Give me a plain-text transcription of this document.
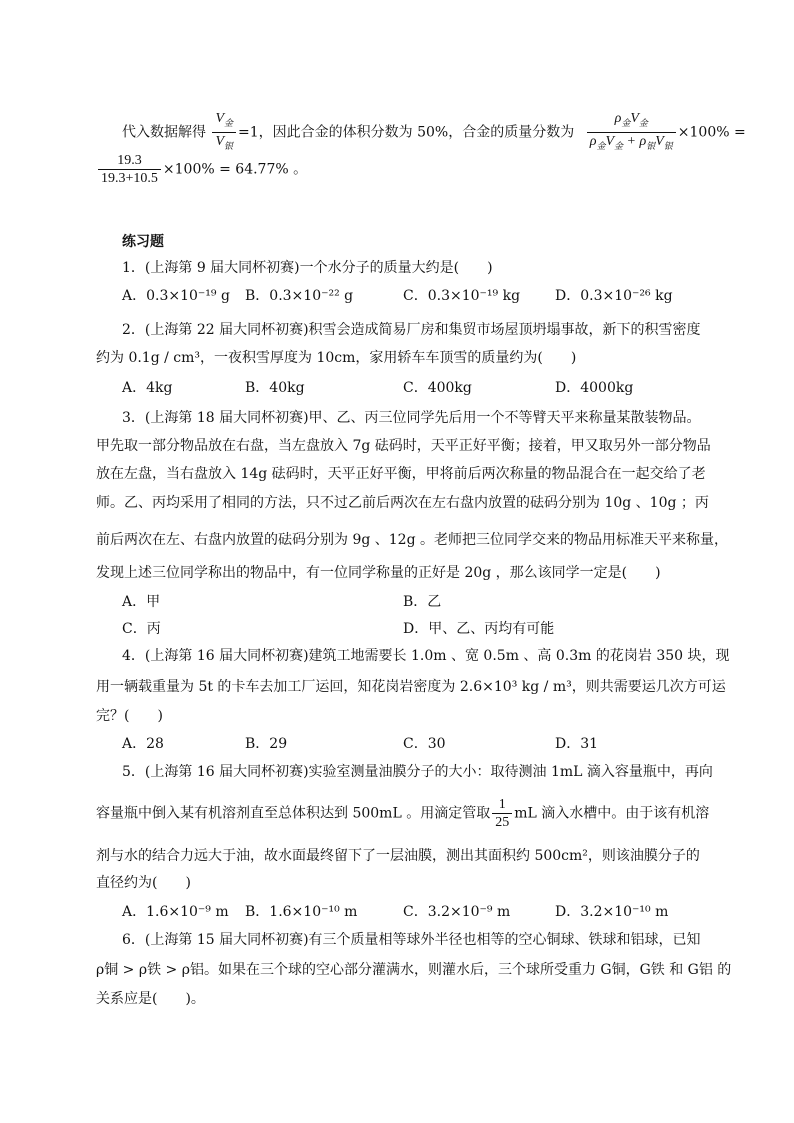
代入数据解得 $\frac{V_金}{V_银} =1$，因此合金的体积分数为 50%，合金的质量分数为 $\frac{\rho_金V_金}{\rho_金V_金 + \rho_银V_银} \times 100\%$ =
$\frac{19.3}{19.3+10.5} \times 100\% = 64.77\%$ 。
练习题
1．(上海第 9 届大同杯初赛)一个水分子的质量大约是(　　)
A．0.3×10⁻¹⁹ g B．0.3×10⁻²² g	C．0.3×10⁻¹⁹ kg D．0.3×10⁻²⁶ kg
2．(上海第 22 届大同杯初赛)积雪会造成简易厂房和集贸市场屋顶坍塌事故，新下的积雪密度
约为 0.1g / cm³，一夜积雪厚度为 10cm，家用轿车车顶雪的质量约为(　　)
A．4kg	B．40kg	C．400kg	D．4000kg
3．(上海第 18 届大同杯初赛)甲、乙、丙三位同学先后用一个不等臂天平来称量某散装物品。
甲先取一部分物品放在右盘，当左盘放入 7g 砝码时，天平正好平衡；接着，甲又取另外一部分物品
放在左盘，当右盘放入 14g 砝码时，天平正好平衡，甲将前后两次称量的物品混合在一起交给了老
师。乙、丙均采用了相同的方法，只不过乙前后两次在左右盘内放置的砝码分别为 10g 、10g ；丙
前后两次在左、右盘内放置的砝码分别为 9g 、12g 。老师把三位同学交来的物品用标准天平来称量，
发现上述三位同学称出的物品中，有一位同学称量的正好是 20g ，那么该同学一定是(　　)
A．甲	B．乙
C．丙	D．甲、乙、丙均有可能
4．(上海第 16 届大同杯初赛)建筑工地需要长 1.0m 、宽 0.5m 、高 0.3m 的花岗岩 350 块，现
用一辆载重量为 5t 的卡车去加工厂运回，知花岗岩密度为 2.6×10³ kg / m³，则共需要运几次方可运
完？(　　)
A．28	B．29	C．30	D．31
5．(上海第 16 届大同杯初赛)实验室测量油膜分子的大小：取待测油 1mL 滴入容量瓶中，再向
容量瓶中倒入某有机溶剂直至总体积达到 500mL 。用滴定管取 $\frac{1}{25}$ mL 滴入水槽中。由于该有机溶
剂与水的结合力远大于油，故水面最终留下了一层油膜，测出其面积约 500cm²，则该油膜分子的
直径约为(　　)
A．1.6×10⁻⁹ m B．1.6×10⁻¹⁰ m	C．3.2×10⁻⁹ m	D．3.2×10⁻¹⁰ m
6．(上海第 15 届大同杯初赛)有三个质量相等球外半径也相等的空心铜球、铁球和铝球，已知
ρ铜 > ρ铁 > ρ铝。如果在三个球的空心部分灌满水，则灌水后，三个球所受重力 G铜，G铁 和 G铝 的
关系应是(　　)。
